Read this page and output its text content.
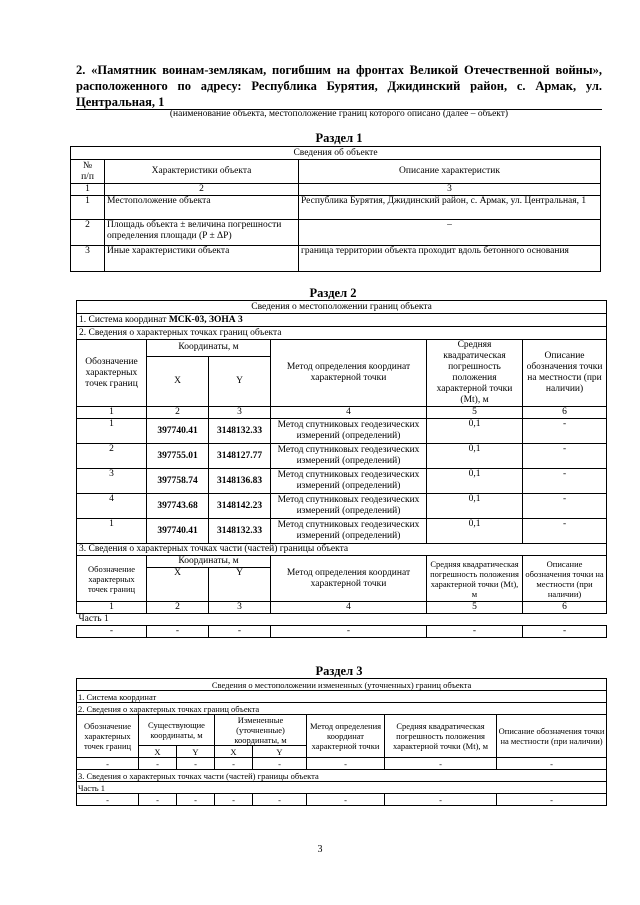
2. «Памятник воинам-землякам, погибшим на фронтах Великой Отечественной войны», расположенного по адресу: Республика Бурятия, Джидинский район, с. Армак, ул. Центральная, 1
(наименование объекта, местоположение границ которого описано (далее – объект)
Раздел 1
Сведения об объекте		
№
п/п	Характеристики объекта	Описание характеристик
1	2	3
1	Местоположение объекта	Республика Бурятия, Джидинский район, с. Армак, ул. Центральная, 1
2	Площадь объекта ± величина погрешности определения площади (P ± ΔP)	–
3	Иные характеристики объекта	граница территории объекта проходит вдоль бетонного основания
Раздел 2
Сведения о местоположении границ объекта					
1. Система координат МСК-03, ЗОНА 3					
2. Сведения о характерных точках границ объекта					
Обозначение характерных точек границ	Координаты, м		Метод определения координат характерной точки	Средняя квадратическая погрешность положения характерной точки (Mt), м	Описание обозначения точки на местности (при наличии)
	X	Y			
1	2	3	4	5	6
1	397740.41	3148132.33	Метод спутниковых геодезических измерений (определений)	0,1	-
2	397755.01	3148127.77	Метод спутниковых геодезических измерений (определений)	0,1	-
3	397758.74	3148136.83	Метод спутниковых геодезических измерений (определений)	0,1	-
4	397743.68	3148142.23	Метод спутниковых геодезических измерений (определений)	0,1	-
1	397740.41	3148132.33	Метод спутниковых геодезических измерений (определений)	0,1	-
3. Сведения о характерных точках части (частей) границы объекта					
Обозначение характерных точек границ	Координаты, м		Метод определения координат характерной точки	Средняя квадратическая погрешность положения характерной точки (Mt), м	Описание обозначения точки на местности (при наличии)
	X	Y			
1	2	3	4	5	6
Часть 1					
-	-	-	-	-	-
Раздел 3
Сведения о местоположении измененных (уточненных) границ объекта							
1. Система координат							
2. Сведения о характерных точках границ объекта							
Обозначение характерных точек границ	Существующие координаты, м		Измененные (уточненные) координаты, м		Метод определения координат характерной точки	Средняя квадратическая погрешность положения характерной точки (Mt), м	Описание обозначения точки на местности (при наличии)
	X	Y	X	Y			
-	-	-	-	-	-	-	-
3. Сведения о характерных точках части (частей) границы объекта							
Часть 1							
-	-	-	-	-	-	-	-
3
